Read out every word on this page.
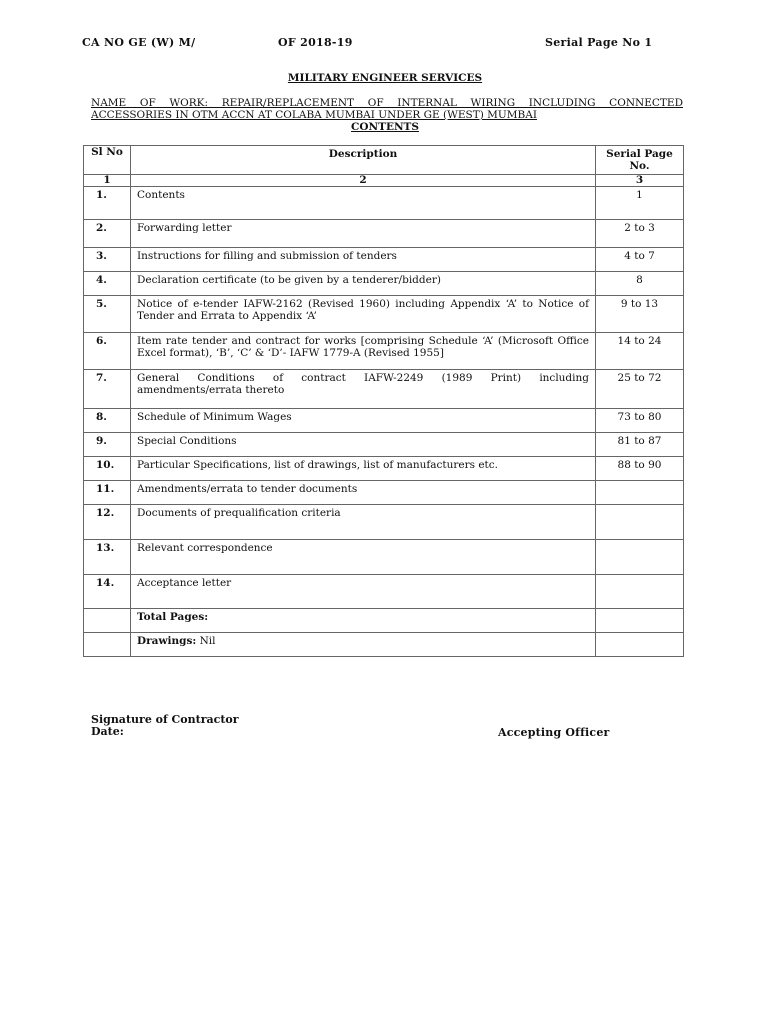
CA NO GE (W) M/	OF 2018-19	Serial Page No 1
MILITARY ENGINEER SERVICES
NAME OF WORK: REPAIR/REPLACEMENT OF INTERNAL WIRING INCLUDING CONNECTED ACCESSORIES IN OTM ACCN AT COLABA MUMBAI UNDER GE (WEST) MUMBAI
CONTENTS
Sl No	Description	Serial Page No.
1	2	3
1.	Contents	1
2.	Forwarding letter	2 to 3
3.	Instructions for filling and submission of tenders	4 to 7
4.	Declaration certificate (to be given by a tenderer/bidder)	8
5.	Notice of e-tender IAFW-2162 (Revised 1960) including Appendix ‘A’ to Notice of Tender and Errata to Appendix ‘A’	9 to 13
6.	Item rate tender and contract for works [comprising Schedule ‘A’ (Microsoft Office Excel format), ‘B’, ‘C’ & ‘D’- IAFW 1779-A (Revised 1955]	14 to 24
7.	General Conditions of contract IAFW-2249 (1989 Print) including amendments/errata thereto	25 to 72
8.	Schedule of Minimum Wages	73 to 80
9.	Special Conditions	81 to 87
10.	Particular Specifications, list of drawings, list of manufacturers etc.	88 to 90
11.	Amendments/errata to tender documents	
12.	Documents of prequalification criteria	
13.	Relevant correspondence	
14.	Acceptance letter	
	Total Pages:	
	Drawings: Nil	
Signature of Contractor
Date:	Accepting Officer
